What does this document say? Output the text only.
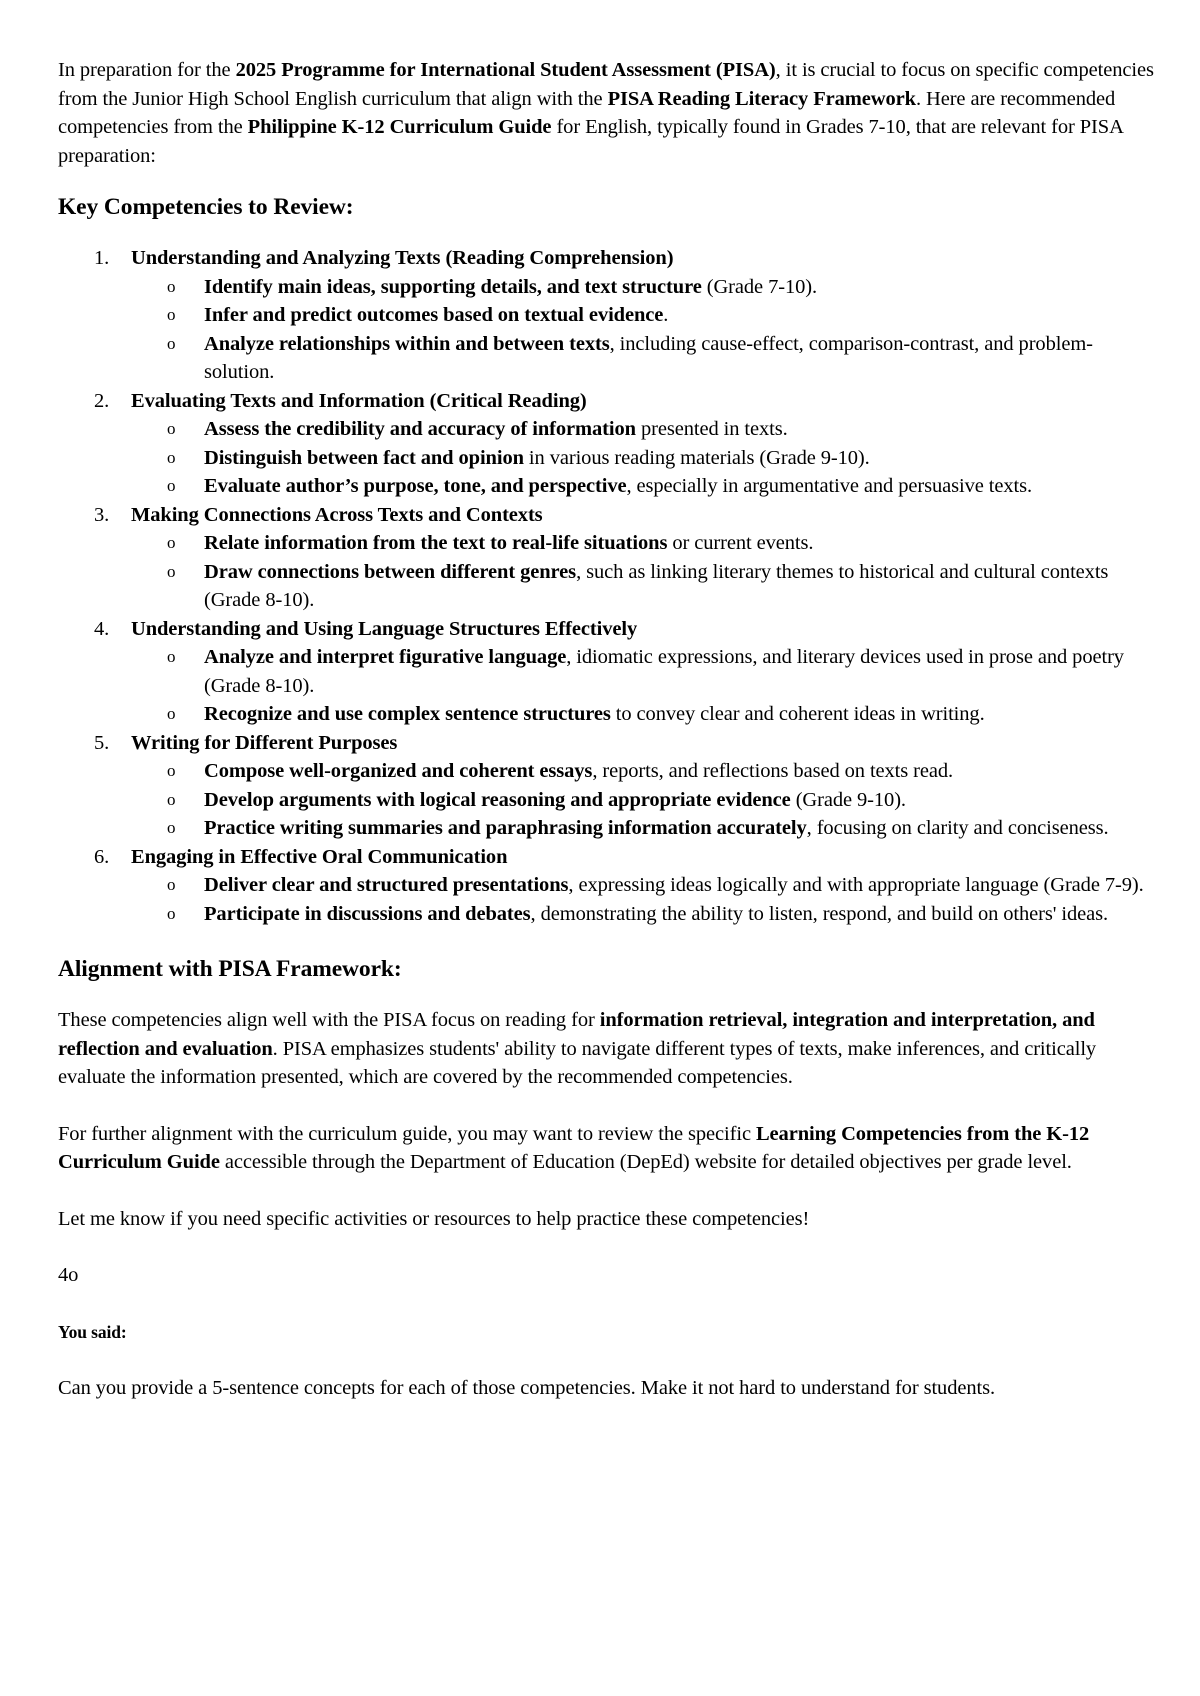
In preparation for the 2025 Programme for International Student Assessment (PISA), it is crucial to focus on specific competencies from the Junior High School English curriculum that align with the PISA Reading Literacy Framework. Here are recommended competencies from the Philippine K-12 Curriculum Guide for English, typically found in Grades 7-10, that are relevant for PISA preparation:

Key Competencies to Review:
1.	Understanding and Analyzing Texts (Reading Comprehension)
o Identify main ideas, supporting details, and text structure (Grade 7-10).
o Infer and predict outcomes based on textual evidence.
o Analyze relationships within and between texts, including cause-effect, comparison-contrast, and problem-solution.
2.	Evaluating Texts and Information (Critical Reading)
o Assess the credibility and accuracy of information presented in texts.
o Distinguish between fact and opinion in various reading materials (Grade 9-10).
o Evaluate author’s purpose, tone, and perspective, especially in argumentative and persuasive texts.
3.	Making Connections Across Texts and Contexts
o Relate information from the text to real-life situations or current events.
o Draw connections between different genres, such as linking literary themes to historical and cultural contexts (Grade 8-10).
4.	Understanding and Using Language Structures Effectively
o Analyze and interpret figurative language, idiomatic expressions, and literary devices used in prose and poetry (Grade 8-10).
o Recognize and use complex sentence structures to convey clear and coherent ideas in writing.
5.	Writing for Different Purposes
o Compose well-organized and coherent essays, reports, and reflections based on texts read.
o Develop arguments with logical reasoning and appropriate evidence (Grade 9-10).
o Practice writing summaries and paraphrasing information accurately, focusing on clarity and conciseness.
6.	Engaging in Effective Oral Communication
o Deliver clear and structured presentations, expressing ideas logically and with appropriate language (Grade 7-9).
o Participate in discussions and debates, demonstrating the ability to listen, respond, and build on others' ideas.
Alignment with PISA Framework:

These competencies align well with the PISA focus on reading for information retrieval, integration and interpretation, and reflection and evaluation. PISA emphasizes students' ability to navigate different types of texts, make inferences, and critically evaluate the information presented, which are covered by the recommended competencies.

For further alignment with the curriculum guide, you may want to review the specific Learning Competencies from the K-12 Curriculum Guide accessible through the Department of Education (DepEd) website for detailed objectives per grade level.

Let me know if you need specific activities or resources to help practice these competencies!

4o

You said:

Can you provide a 5-sentence concepts for each of those competencies. Make it not hard to understand for students.
